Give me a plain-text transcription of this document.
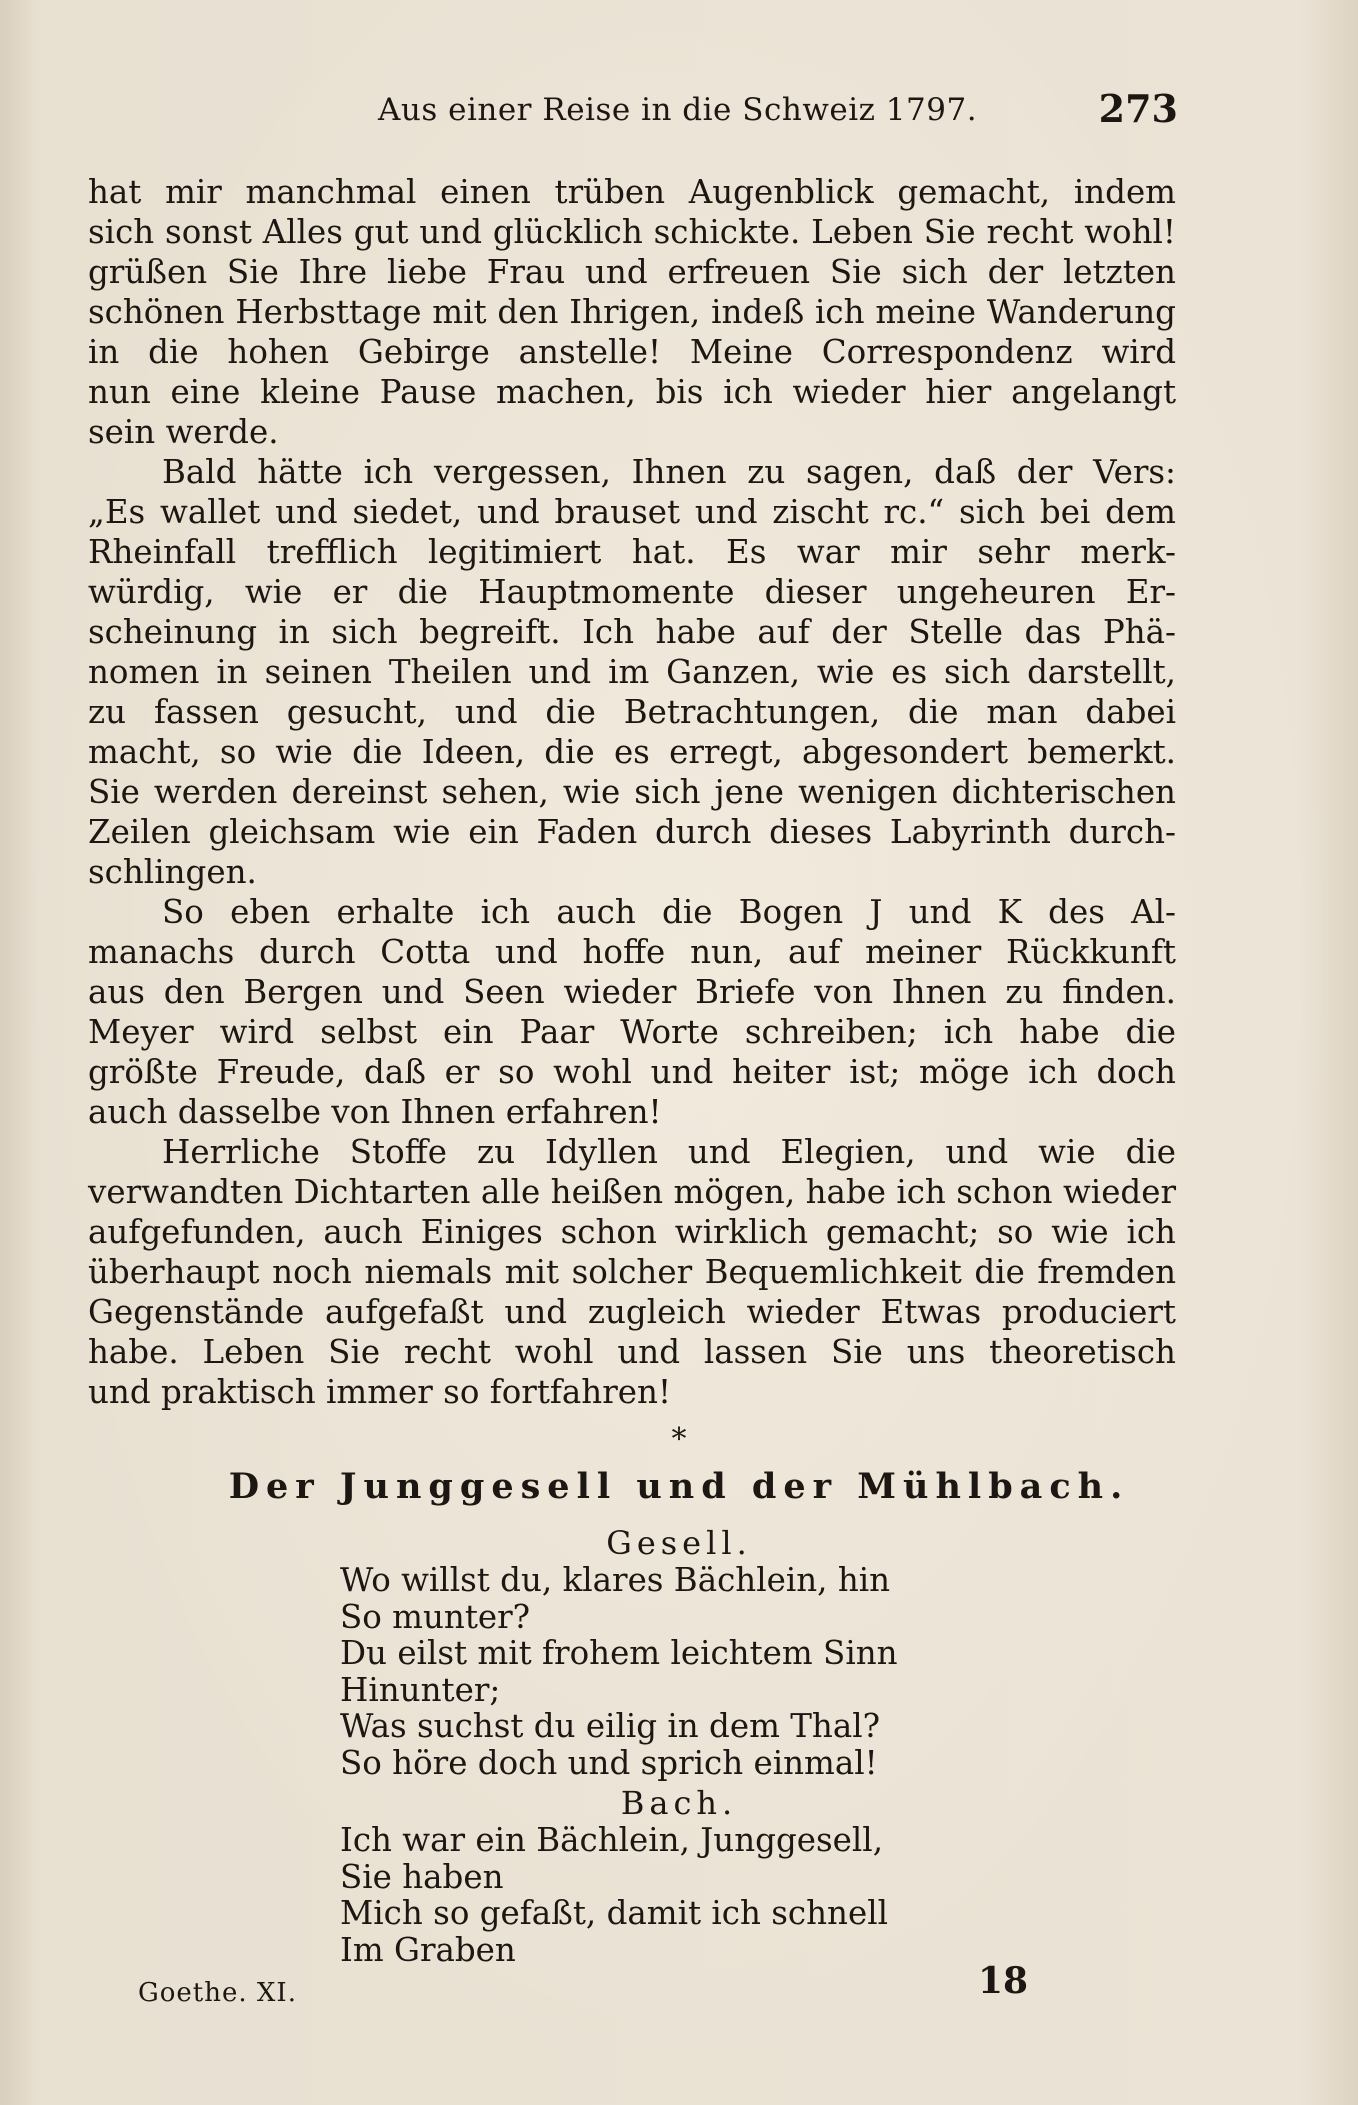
Aus einer Reise in die Schweiz 1797.	273
hat mir manchmal einen trüben Augenblick gemacht, indem
sich sonst Alles gut und glücklich schickte. Leben Sie recht wohl!
grüßen Sie Ihre liebe Frau und erfreuen Sie sich der letzten
schönen Herbsttage mit den Ihrigen, indeß ich meine Wanderung
in die hohen Gebirge anstelle! Meine Correspondenz wird
nun eine kleine Pause machen, bis ich wieder hier angelangt
sein werde.
Bald hätte ich vergessen, Ihnen zu sagen, daß der Vers:
„Es wallet und siedet, und brauset und zischt rc.“ sich bei dem
Rheinfall trefflich legitimiert hat. Es war mir sehr merk-
würdig, wie er die Hauptmomente dieser ungeheuren Er-
scheinung in sich begreift. Ich habe auf der Stelle das Phä-
nomen in seinen Theilen und im Ganzen, wie es sich darstellt,
zu fassen gesucht, und die Betrachtungen, die man dabei
macht, so wie die Ideen, die es erregt, abgesondert bemerkt.
Sie werden dereinst sehen, wie sich jene wenigen dichterischen
Zeilen gleichsam wie ein Faden durch dieses Labyrinth durch-
schlingen.
So eben erhalte ich auch die Bogen J und K des Al-
manachs durch Cotta und hoffe nun, auf meiner Rückkunft
aus den Bergen und Seen wieder Briefe von Ihnen zu finden.
Meyer wird selbst ein Paar Worte schreiben; ich habe die
größte Freude, daß er so wohl und heiter ist; möge ich doch
auch dasselbe von Ihnen erfahren!
Herrliche Stoffe zu Idyllen und Elegien, und wie die
verwandten Dichtarten alle heißen mögen, habe ich schon wieder
aufgefunden, auch Einiges schon wirklich gemacht; so wie ich
überhaupt noch niemals mit solcher Bequemlichkeit die fremden
Gegenstände aufgefaßt und zugleich wieder Etwas produciert
habe. Leben Sie recht wohl und lassen Sie uns theoretisch
und praktisch immer so fortfahren!
*
Der Junggesell und der Mühlbach.
Gesell.
Wo willst du, klares Bächlein, hin
So munter?
Du eilst mit frohem leichtem Sinn
Hinunter;
Was suchst du eilig in dem Thal?
So höre doch und sprich einmal!
Bach.
Ich war ein Bächlein, Junggesell,
Sie haben
Mich so gefaßt, damit ich schnell
Im Graben
Goethe. XI.	18
